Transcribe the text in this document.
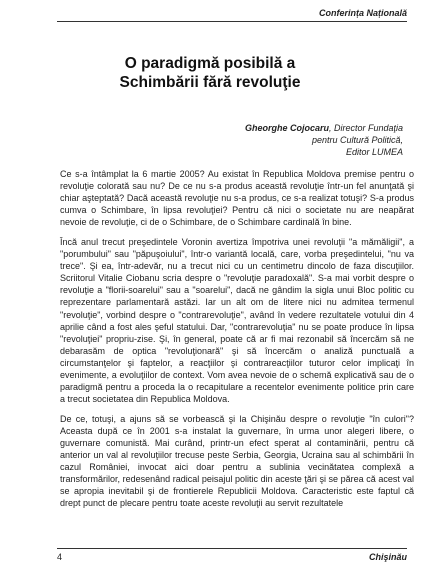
Conferința Națională
O paradigmă posibilă a
Schimbării fără revoluţie
Gheorghe Cojocaru, Director Fundaţia
pentru Cultură Politică,
Editor LUMEA

Ce s-a întâmplat la 6 martie 2005? Au existat în Republica Moldova premise pentru o revoluţie colorată sau nu? De ce nu s-a produs această revoluţie într-un fel anunţată şi chiar aşteptată? Dacă această revoluţie nu s-a produs, ce s-a realizat totuşi? S-a produs cumva o Schimbare, în lipsa revoluţiei? Pentru că nici o societate nu are neapărat nevoie de revoluţie, ci de o Schimbare, de o Schimbare cardinală în bine.

Încă anul trecut preşedintele Voronin avertiza împotriva unei revoluţii "a mămăligii", a "porumbului" sau "păpuşoiului", într-o variantă locală, care, vorba preşedintelui, "nu va trece". Şi ea, într-adevăr, nu a trecut nici cu un centimetru dincolo de faza discuţiilor. Scriitorul Vitalie Ciobanu scria despre o "revoluţie paradoxală". S-a mai vorbit despre o revoluţie a "florii-soarelui" sau a "soarelui", dacă ne gândim la sigla unui Bloc politic cu reprezentare parlamentară astăzi. Iar un alt om de litere nici nu admitea termenul "revoluţie", vorbind despre o "contrarevoluţie", având în vedere rezultatele votului din 4 aprilie când a fost ales şeful statului. Dar, "contrarevoluţia" nu se poate produce în lipsa "revoluţiei" propriu-zise. Şi, în general, poate că ar fi mai rezonabil să încercăm să ne debarasăm de optica "revoluţionară" şi să încercăm o analiză punctuală a circumstanţelor şi faptelor, a reacţiilor şi contrareacţiilor tuturor celor implicaţi în evenimente, a evoluţiilor de context. Vom avea nevoie de o schemă explicativă sau de o paradigmă pentru a proceda la o recapitulare a recentelor evenimente politice prin care a trecut societatea din Republica Moldova.

De ce, totuşi, a ajuns să se vorbească şi la Chişinău despre o revoluţie "în culori"? Aceasta după ce în 2001 s-a instalat la guvernare, în urma unor alegeri libere, o guvernare comunistă. Mai curând, printr-un efect sperat al contaminării, pentru că anterior un val al revoluţiilor trecuse peste Serbia, Georgia, Ucraina sau al schimbării în cazul României, invocat aici doar pentru a sublinia vecinătatea complexă a transformărilor, redesenând radical peisajul politic din aceste ţări şi se părea că acest val se apropia inevitabil şi de frontierele Republicii Moldova. Caracteristic este faptul că drept punct de plecare pentru toate aceste revoluţii au servit rezultatele

4	Chişinău
